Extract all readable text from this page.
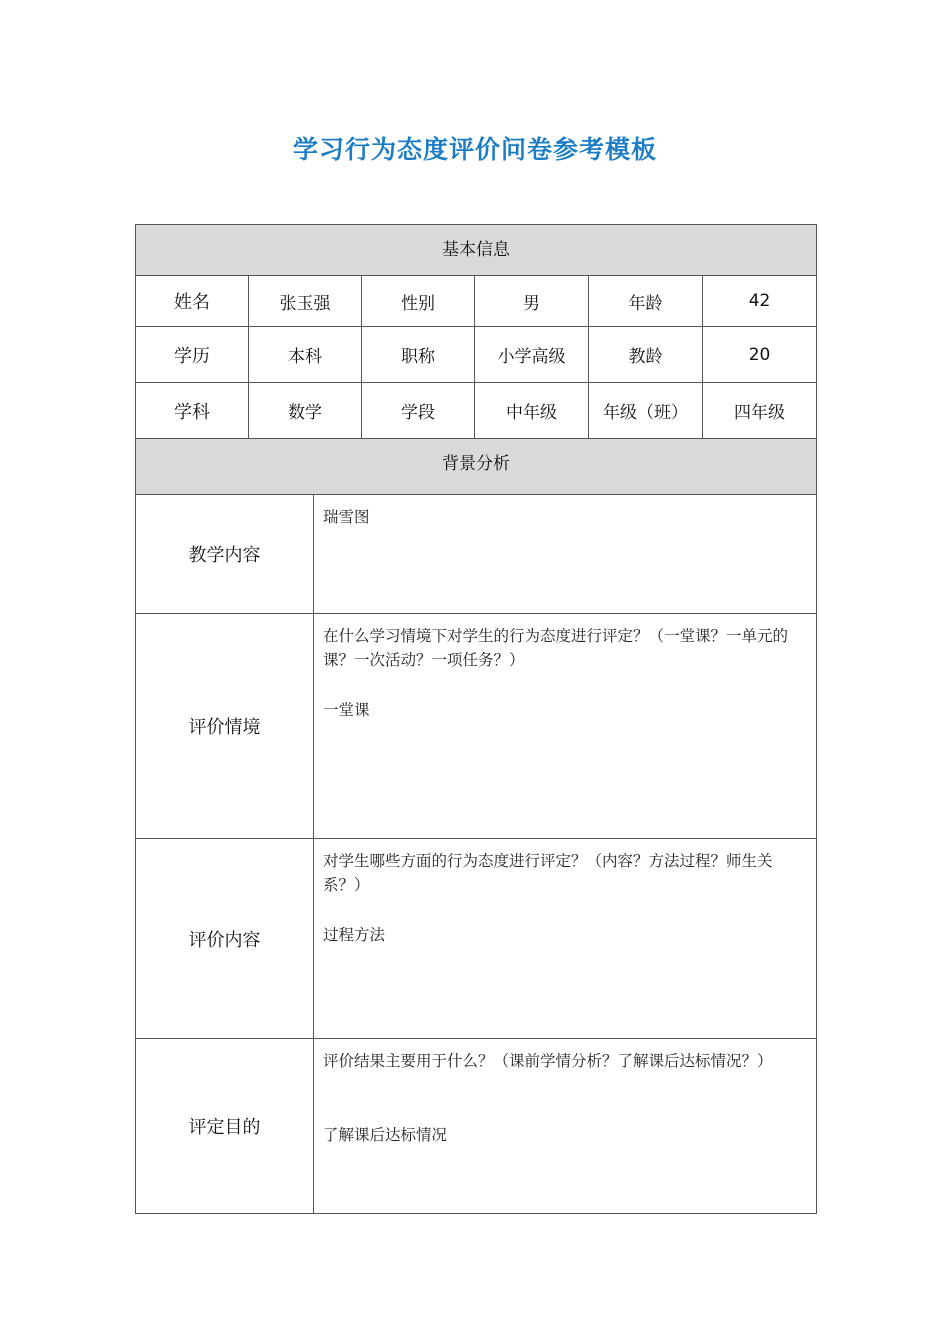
学习行为态度评价问卷参考模板
基本信息						
姓名	张玉强		性别	男	年龄	42
学历	本科		职称	小学高级	教龄	20
学科	数学		学段	中年级	年级（班）	四年级
背景分析						
教学内容		瑞雪图				

评价情境		在什么学习情境下对学生的行为态度进行评定？（一堂课？一单元的课？一次活动？一项任务？）
一堂课				

评价内容		对学生哪些方面的行为态度进行评定？（内容？方法过程？师生关系？）
过程方法				

评定目的		评价结果主要用于什么？（课前学情分析？了解课后达标情况？）
了解课后达标情况				
